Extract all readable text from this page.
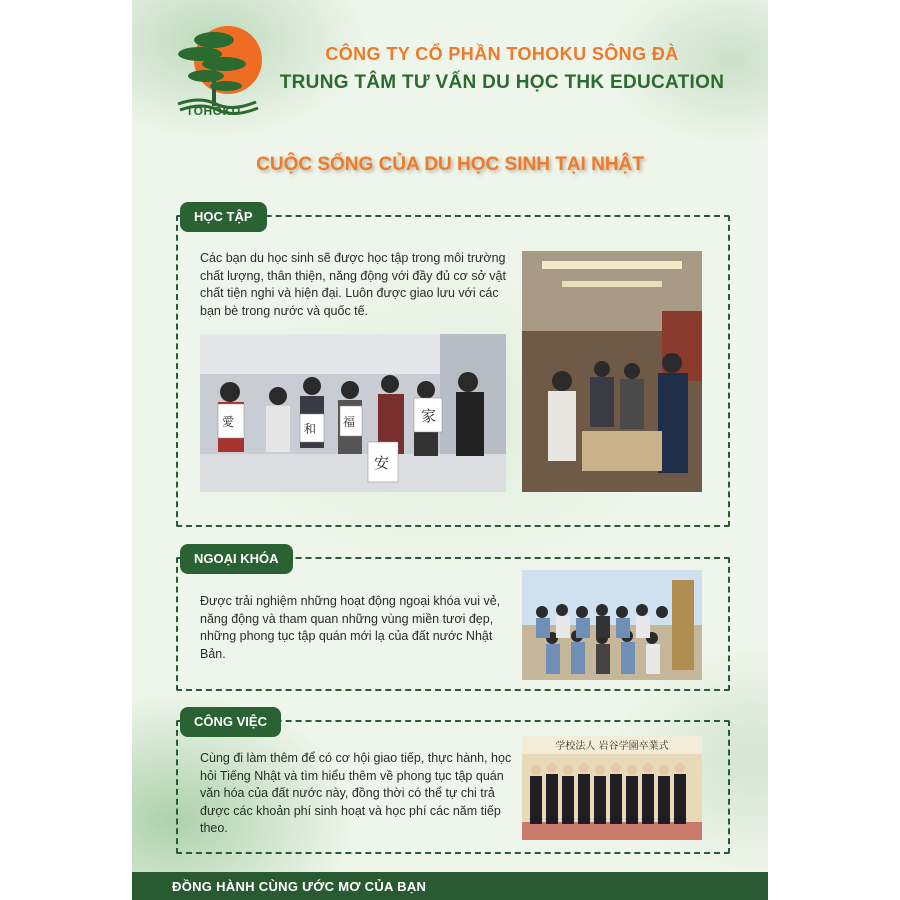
TOHOKU
CÔNG TY CỔ PHẦN TOHOKU SÔNG ĐÀ
TRUNG TÂM TƯ VẤN DU HỌC THK EDUCATION
CUỘC SỐNG CỦA DU HỌC SINH TẠI NHẬT
HỌC TẬP
Các bạn du học sinh sẽ được học tập trong môi trường chất lượng, thân thiện, năng động với đầy đủ cơ sở vật chất tiện nghi và hiện đại. Luôn được giao lưu với các bạn bè trong nước và quốc tế.
家
安
福
和
愛
NGOẠI KHÓA
Được trải nghiệm những hoạt động ngoại khóa vui vẻ, năng động và tham quan những vùng miền tươi đẹp, những phong tục tập quán mới lạ của đất nước Nhật Bản.
CÔNG VIỆC
Cùng đi làm thêm để có cơ hội giao tiếp, thực hành, học hỏi Tiếng Nhật và tìm hiểu thêm về phong tục tập quán văn hóa của đất nước này, đồng thời có thể tự chi trả được các khoản phí sinh hoạt và học phí các năm tiếp theo.
学校法人 岩谷学園卒業式
ĐỒNG HÀNH CÙNG ƯỚC MƠ CỦA BẠN
